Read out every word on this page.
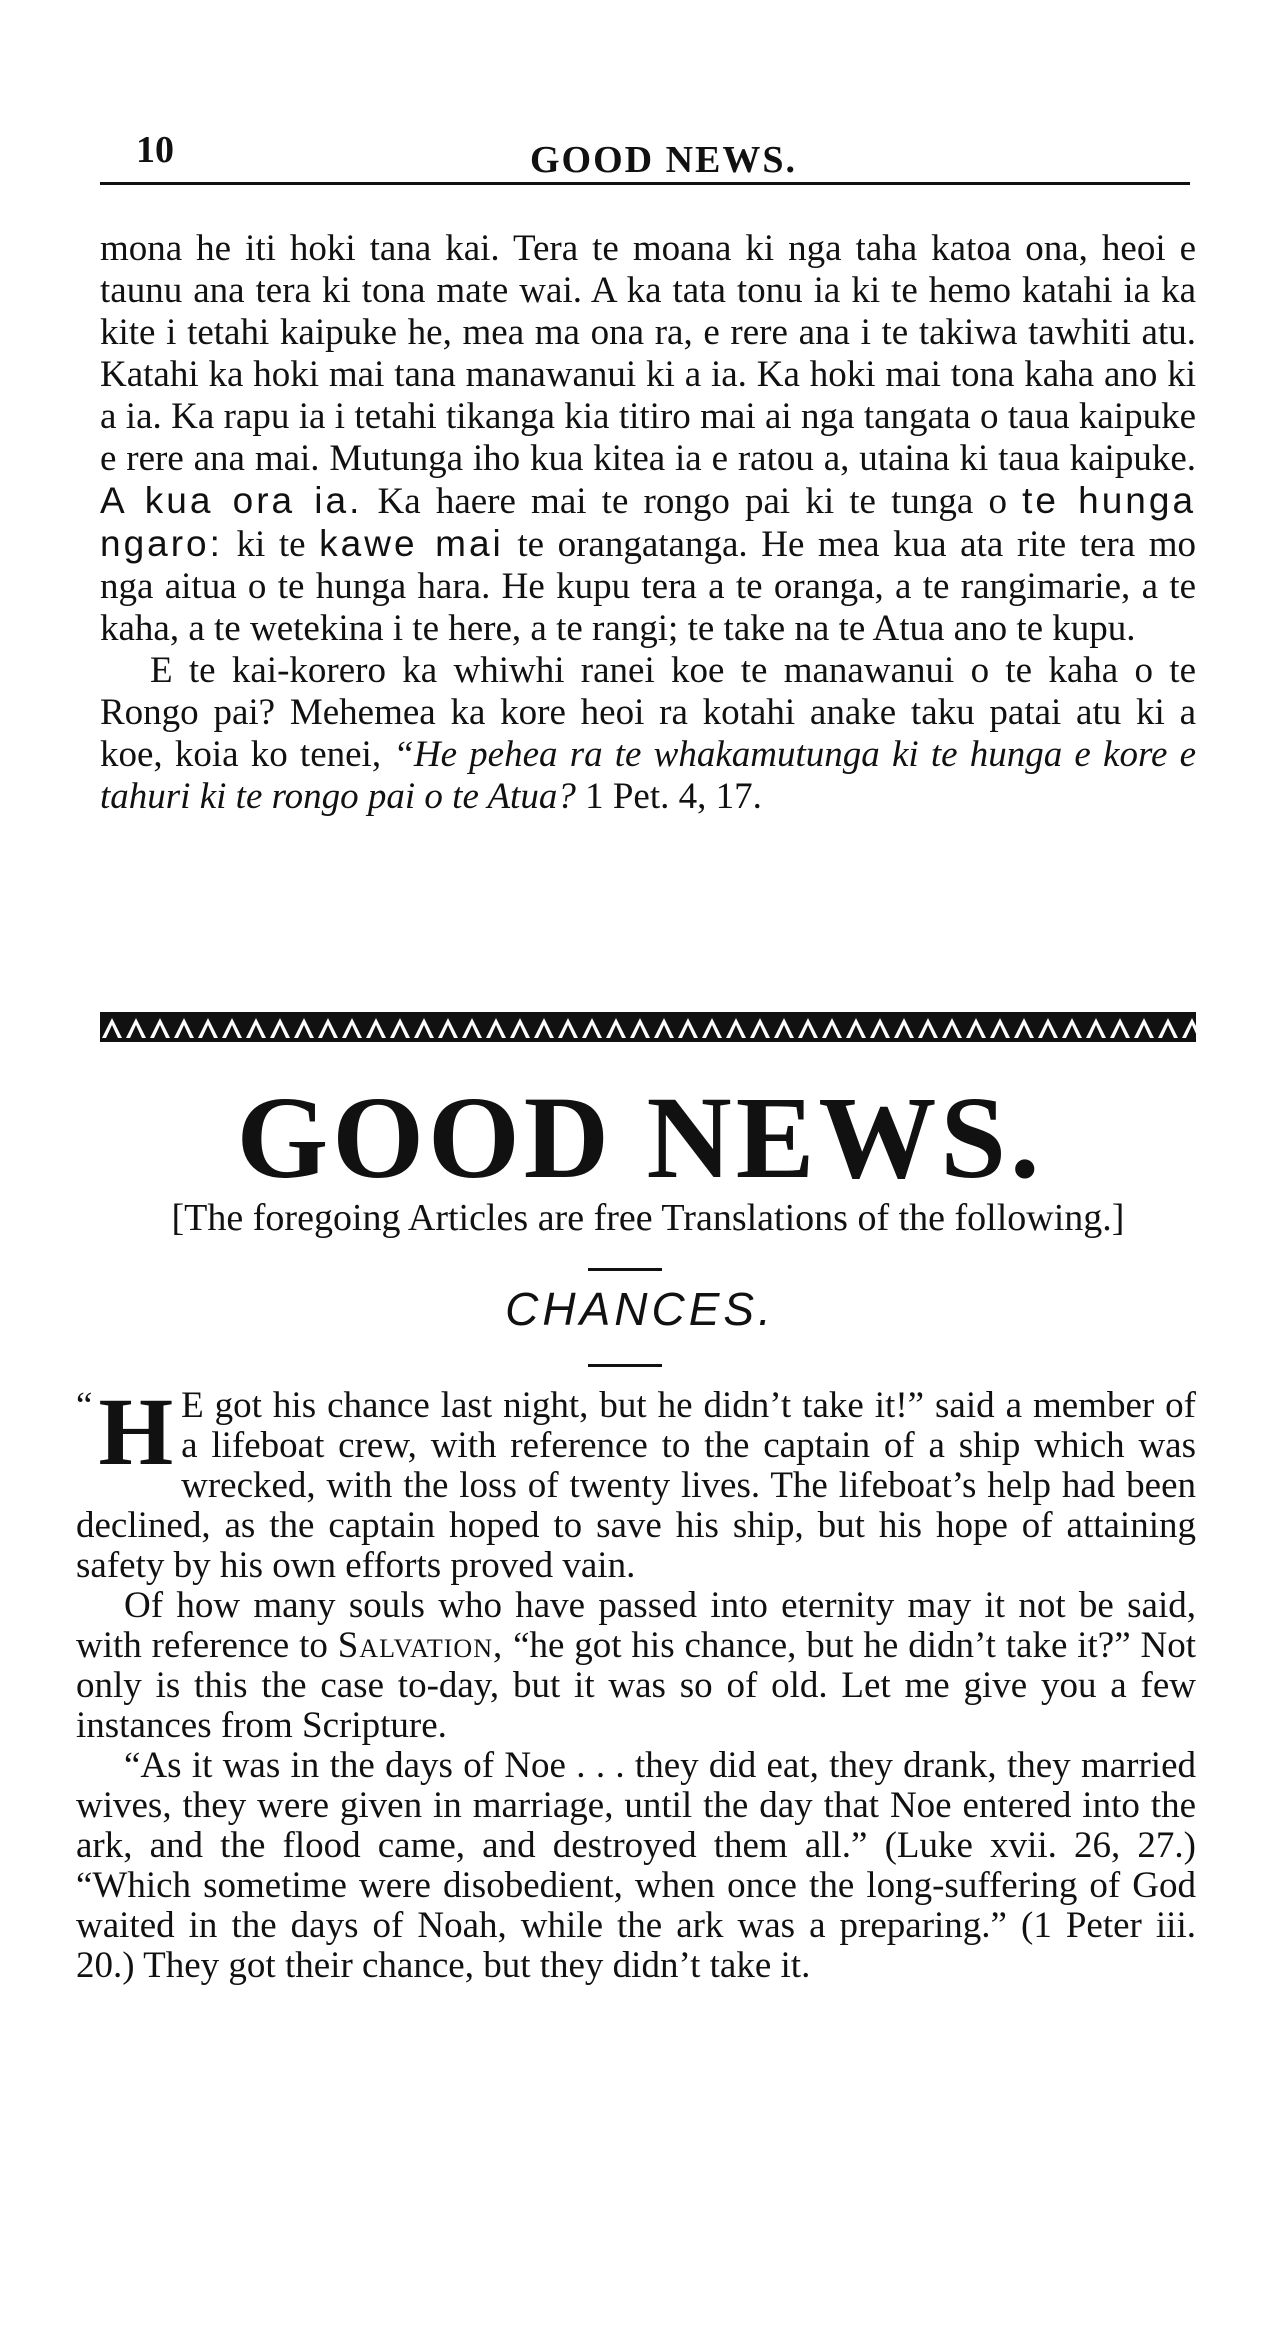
10	GOOD NEWS.

mona he iti hoki tana kai. Tera te moana ki nga taha katoa ona, heoi e taunu ana tera ki tona mate wai. A ka tata tonu ia ki te hemo katahi ia ka kite i tetahi kaipuke he, mea ma ona ra, e rere ana i te takiwa tawhiti atu. Katahi ka hoki mai tana manawanui ki a ia. Ka hoki mai tona kaha ano ki a ia. Ka rapu ia i tetahi tikanga kia titiro mai ai nga tangata o taua kaipuke e rere ana mai. Mutunga iho kua kitea ia e ratou a, utaina ki taua kaipuke. A kua ora ia. Ka haere mai te rongo pai ki te tunga o te hunga ngaro: ki te kawe mai te orangatanga. He mea kua ata rite tera mo nga aitua o te hunga hara. He kupu tera a te oranga, a te rangimarie, a te kaha, a te wetekina i te here, a te rangi; te take na te Atua ano te kupu.

E te kai-korero ka whiwhi ranei koe te manawanui o te kaha o te Rongo pai? Mehemea ka kore heoi ra kotahi anake taku patai atu ki a koe, koia ko tenei, “He pehea ra te whakamutunga ki te hunga e kore e tahuri ki te rongo pai o te Atua? 1 Pet. 4, 17.

GOOD NEWS.
[The foregoing Articles are free Translations of the following.]
CHANCES.

“ H E got his chance last night, but he didn’t take it!” said a member of a lifeboat crew, with reference to the captain of a ship which was wrecked, with the loss of twenty lives. The lifeboat’s help had been declined, as the captain hoped to save his ship, but his hope of attaining safety by his own efforts proved vain.

Of how many souls who have passed into eternity may it not be said, with reference to Salvation, “he got his chance, but he didn’t take it?” Not only is this the case to-day, but it was so of old. Let me give you a few instances from Scripture.

“As it was in the days of Noe . . . they did eat, they drank, they married wives, they were given in marriage, until the day that Noe entered into the ark, and the flood came, and destroyed them all.” (Luke xvii. 26, 27.) “Which sometime were disobedient, when once the long-suffering of God waited in the days of Noah, while the ark was a preparing.” (1 Peter iii. 20.) They got their chance, but they didn’t take it.
